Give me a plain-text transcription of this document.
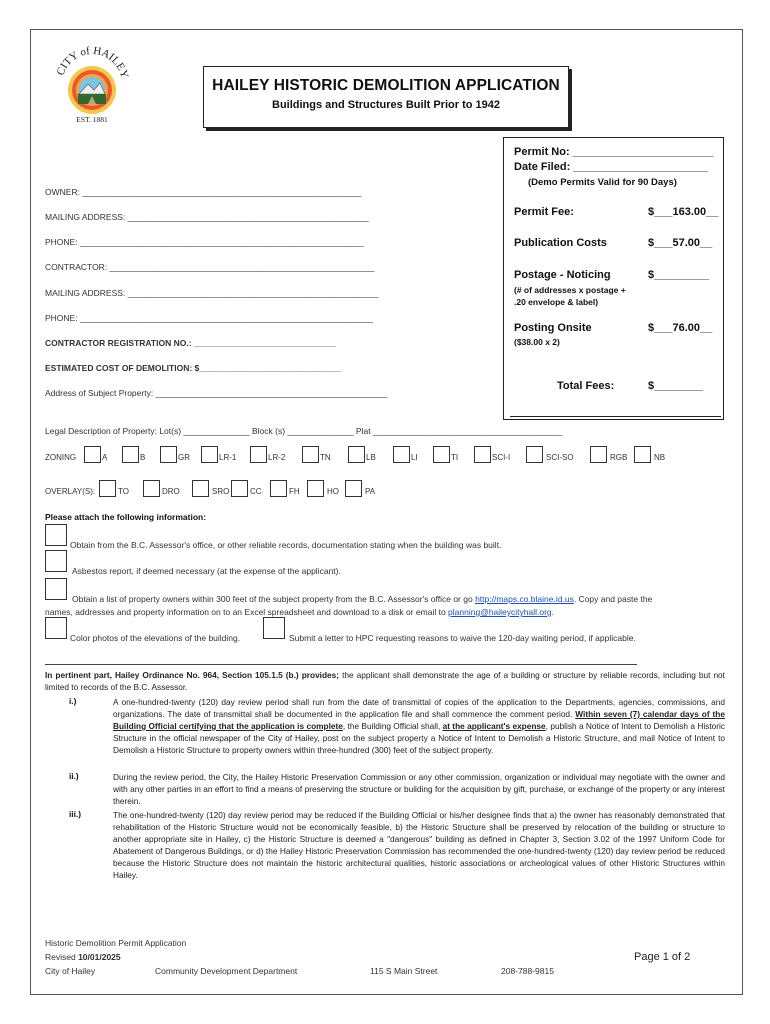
CITY of HAILEY
EST. 1881
HAILEY HISTORIC DEMOLITION APPLICATION
Buildings and Structures Built Prior to 1942
Permit No: _______________________
Date Filed: ______________________
(Demo Permits Valid for 90 Days)
Permit Fee:	$___163.00__
Publication Costs	$___57.00__
Postage - Noticing	$_________
(# of addresses x postage +
.20 envelope & label)
Posting Onsite	$___76.00__
($38.00 x 2)
Total Fees:	$________
OWNER: ___________________________________________________________
MAILING ADDRESS: ___________________________________________________
PHONE: ____________________________________________________________
CONTRACTOR: ________________________________________________________
MAILING ADDRESS: _____________________________________________________
PHONE: ______________________________________________________________
CONTRACTOR REGISTRATION NO.: ______________________________
ESTIMATED COST OF DEMOLITION: $______________________________
Address of Subject Property: _________________________________________________
Legal Description of Property: Lot(s) ______________ Block (s) ______________ Plat ________________________________________
ZONING	A	B	GR	LR-1	LR-2	TN	LB	LI	TI	SCI-I	SCI-SO	RGB	NB
OVERLAY(S):	TO	DRO	SRO	CC	FH	HO	PA
Please attach the following information:
Obtain from the B.C. Assessor's office, or other reliable records, documentation stating when the building was built.
Asbestos report, if deemed necessary (at the expense of the applicant).
Obtain a list of property owners within 300 feet of the subject property from the B.C. Assessor's office or go http://maps.co.blaine.id.us. Copy and paste the
names, addresses and property information on to an Excel spreadsheet and download to a disk or email to planning@haileycityhall.org.
Color photos of the elevations of the building.	Submit a letter to HPC requesting reasons to waive the 120-day waiting period, if applicable.
In pertinent part, Hailey Ordinance No. 964, Section 105.1.5 (b.) provides; the applicant shall demonstrate the age of a building or structure by reliable records, including but not limited to records of the B.C. Assessor.
i.)	A one-hundred-twenty (120) day review period shall run from the date of transmittal of copies of the application to the Departments, agencies, commissions, and organizations. The date of transmittal shall be documented in the application file and shall commence the comment period. Within seven (7) calendar days of the Building Official certifying that the application is complete, the Building Official shall, at the applicant's expense, publish a Notice of Intent to Demolish a Historic Structure in the official newspaper of the City of Hailey, post on the subject property a Notice of Intent to Demolish a Historic Structure, and mail Notice of Intent to Demolish a Historic Structure to property owners within three-hundred (300) feet of the subject property.
ii.)	During the review period, the City, the Hailey Historic Preservation Commission or any other commission, organization or individual may negotiate with the owner and with any other parties in an effort to find a means of preserving the structure or building for the acquisition by gift, purchase, or exchange of the property or any interest therein.
iii.)	The one-hundred-twenty (120) day review period may be reduced if the Building Official or his/her designee finds that a) the owner has reasonably demonstrated that rehabilitation of the Historic Structure would not be economically feasible, b) the Historic Structure shall be preserved by relocation of the building or structure to another appropriate site in Hailey, c) the Historic Structure is deemed a "dangerous" building as defined in Chapter 3, Section 3.02 of the 1997 Uniform Code for Abatement of Dangerous Buildings, or d) the Hailey Historic Preservation Commission has recommended the one-hundred-twenty (120) day review period be reduced because the Historic Structure does not maintain the historic architectural qualities, historic associations or archeological values of other Historic Structures within Hailey.
Historic Demolition Permit Application
Revised 10/01/2025
City of Hailey	Community Development Department	115 S Main Street	208-788-9815
Page 1 of 2
